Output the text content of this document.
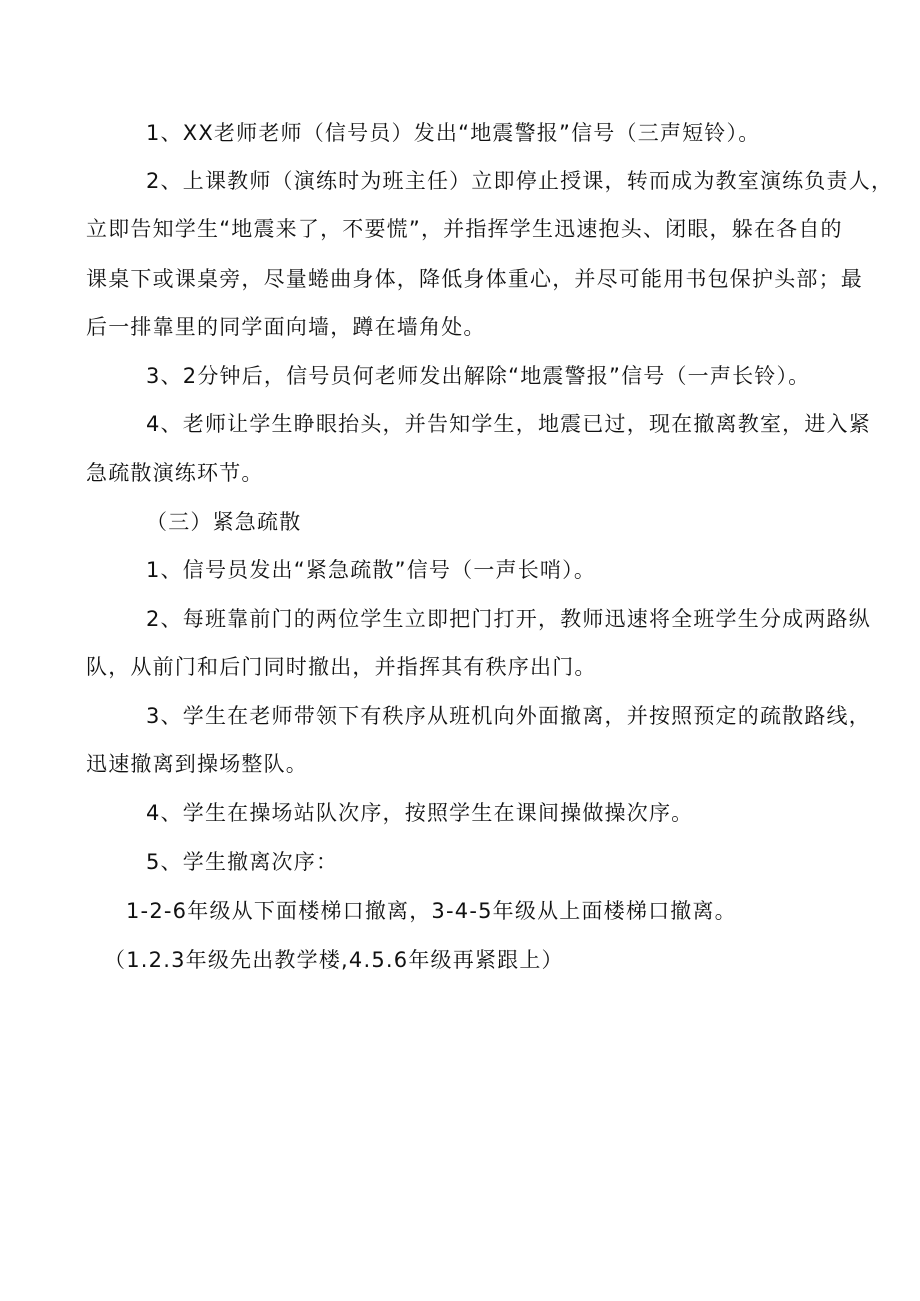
1、XX老师老师（信号员）发出“地震警报”信号（三声短铃）。
2、上课教师（演练时为班主任）立即停止授课，转而成为教室演练负责人，
立即告知学生“地震来了，不要慌”，并指挥学生迅速抱头、闭眼，躲在各自的
课桌下或课桌旁，尽量蜷曲身体，降低身体重心，并尽可能用书包保护头部；最
后一排靠里的同学面向墙，蹲在墙角处。
3、2分钟后，信号员何老师发出解除“地震警报”信号（一声长铃）。
4、老师让学生睁眼抬头，并告知学生，地震已过，现在撤离教室，进入紧
急疏散演练环节。
（三）紧急疏散
1、信号员发出“紧急疏散”信号（一声长哨）。
2、每班靠前门的两位学生立即把门打开，教师迅速将全班学生分成两路纵
队，从前门和后门同时撤出，并指挥其有秩序出门。
3、学生在老师带领下有秩序从班机向外面撤离，并按照预定的疏散路线，
迅速撤离到操场整队。
4、学生在操场站队次序，按照学生在课间操做操次序。
5、学生撤离次序：
1-2-6年级从下面楼梯口撤离，3-4-5年级从上面楼梯口撤离。
（1.2.3年级先出教学楼,4.5.6年级再紧跟上）
